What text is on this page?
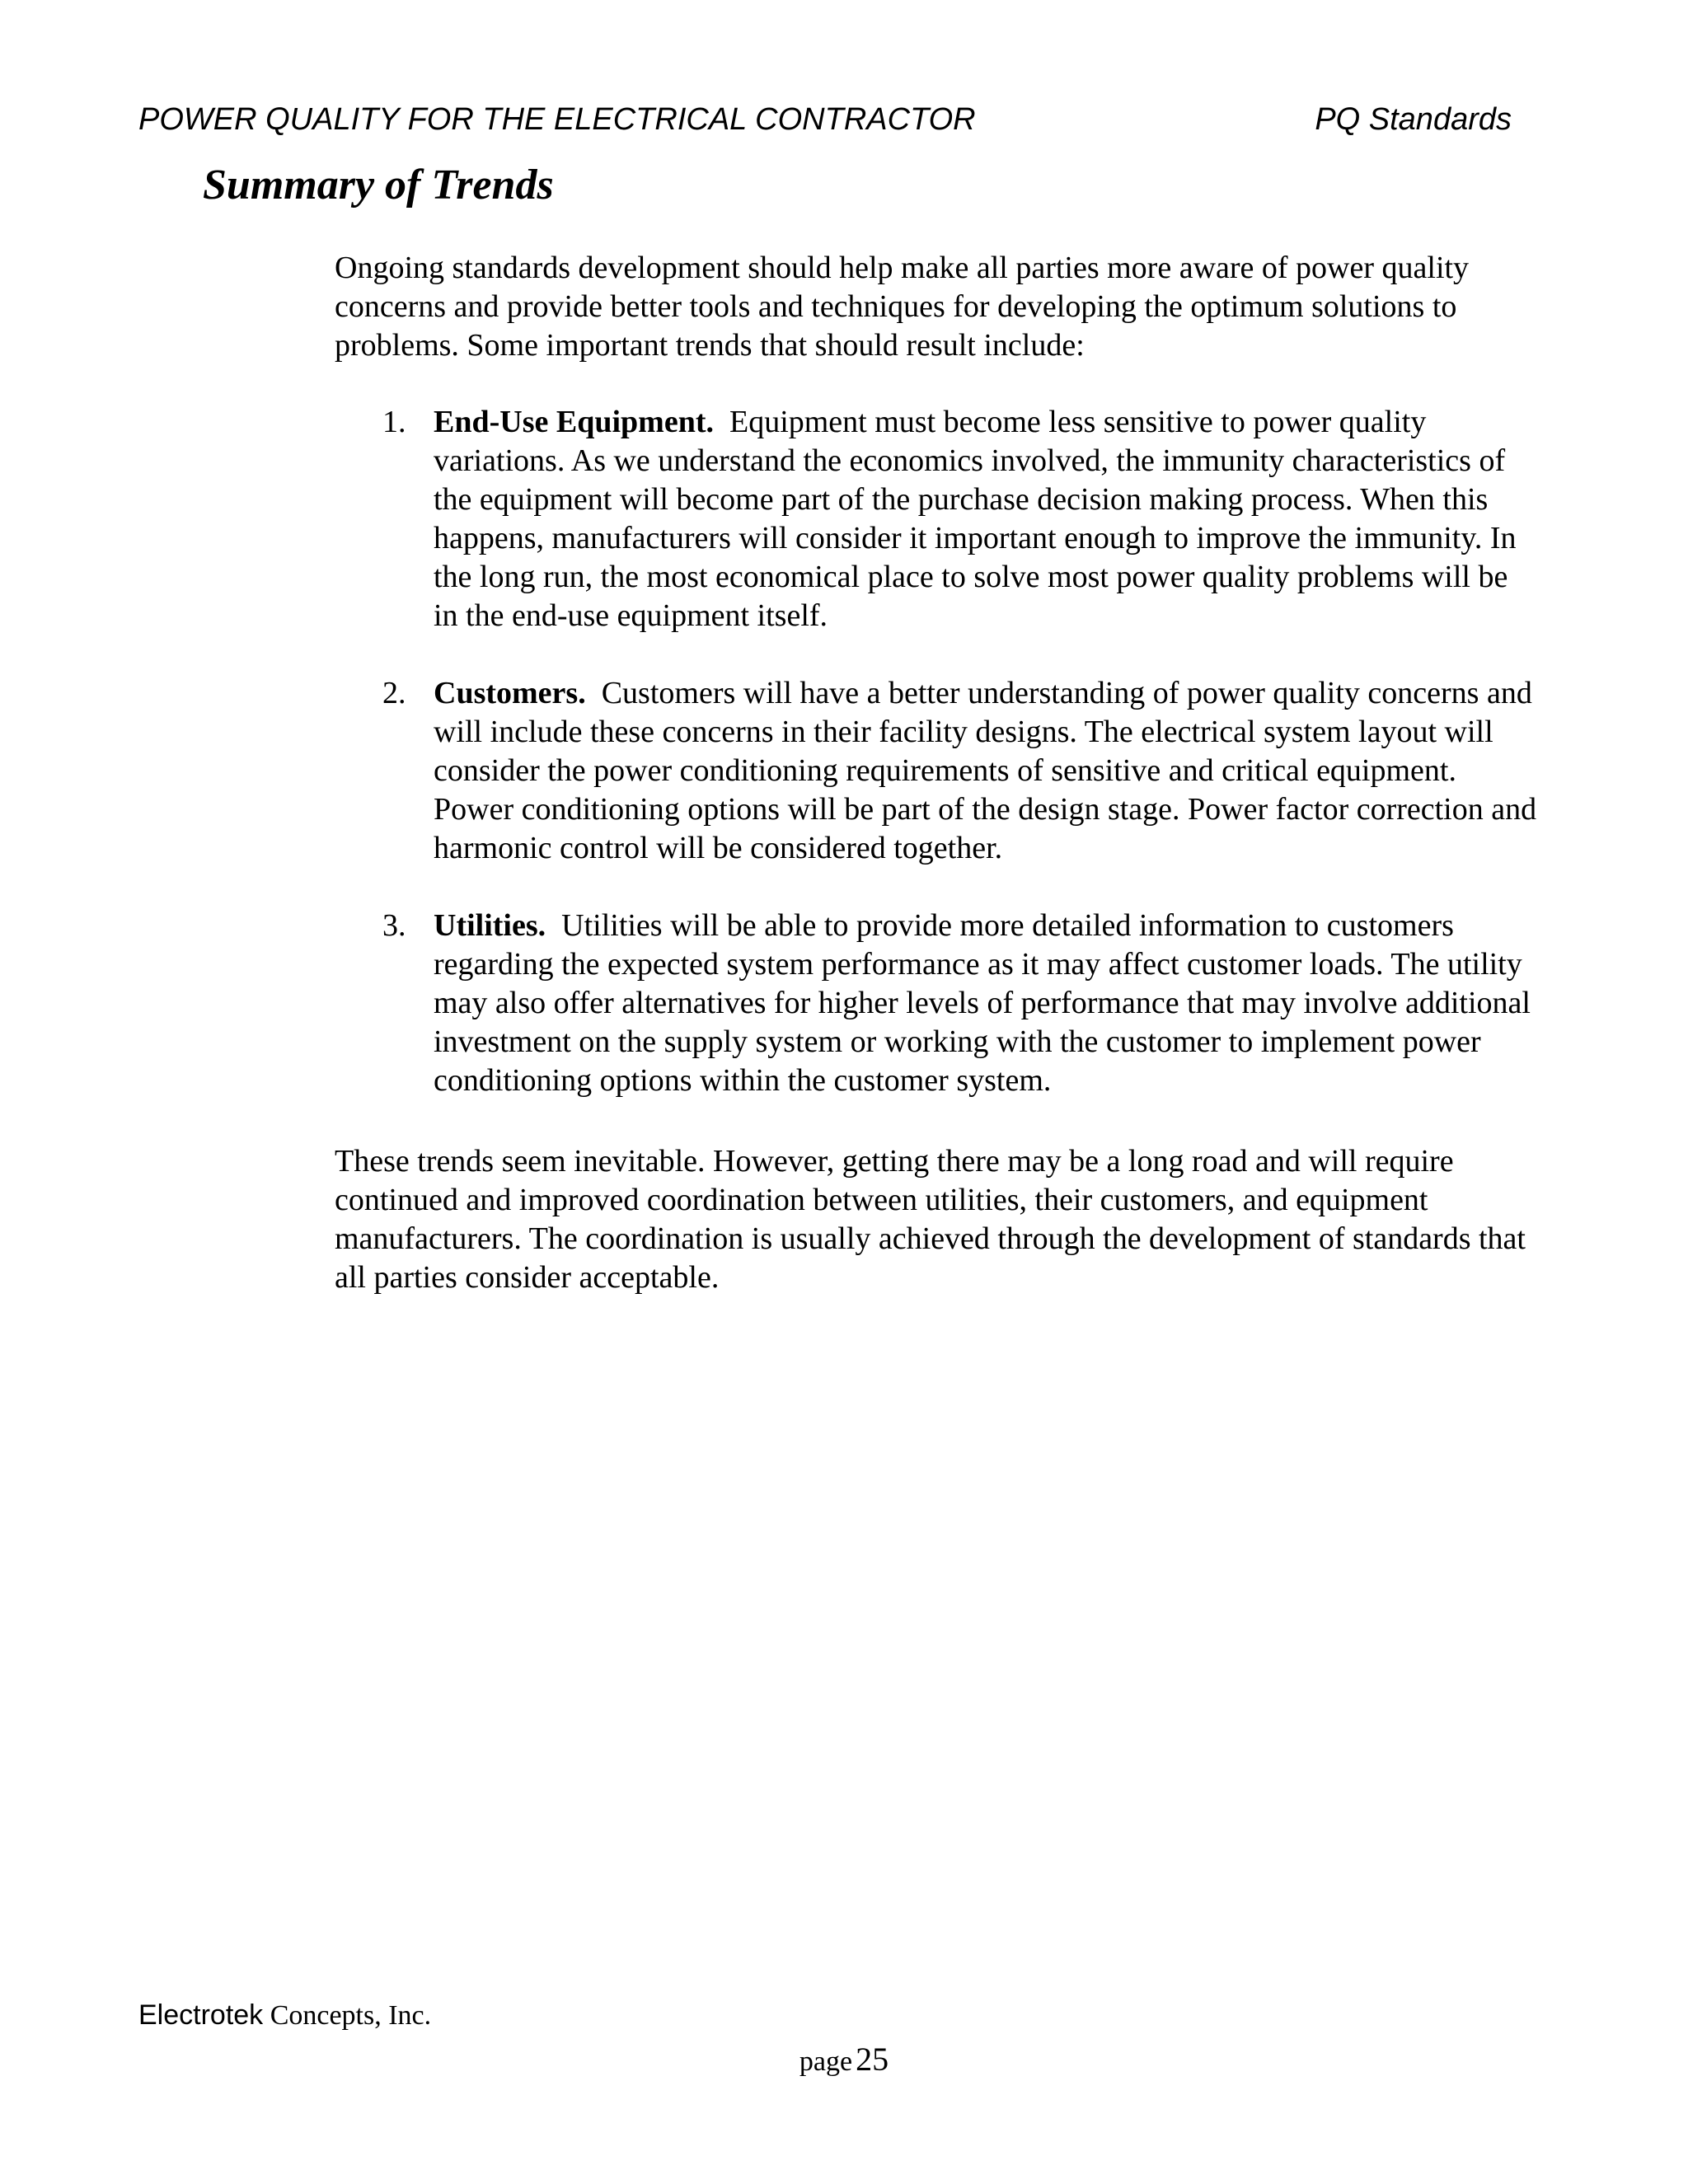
POWER QUALITY FOR THE ELECTRICAL CONTRACTOR	PQ Standards
Summary of Trends

Ongoing standards development should help make all parties more aware of power quality concerns and provide better tools and techniques for developing the optimum solutions to problems. Some important trends that should result include:

1. End-Use Equipment. Equipment must become less sensitive to power quality variations. As we understand the economics involved, the immunity characteristics of the equipment will become part of the purchase decision making process. When this happens, manufacturers will consider it important enough to improve the immunity. In the long run, the most economical place to solve most power quality problems will be in the end-use equipment itself.
2. Customers. Customers will have a better understanding of power quality concerns and will include these concerns in their facility designs. The electrical system layout will consider the power conditioning requirements of sensitive and critical equipment. Power conditioning options will be part of the design stage. Power factor correction and harmonic control will be considered together.
3. Utilities. Utilities will be able to provide more detailed information to customers regarding the expected system performance as it may affect customer loads. The utility may also offer alternatives for higher levels of performance that may involve additional investment on the supply system or working with the customer to implement power conditioning options within the customer system.

These trends seem inevitable. However, getting there may be a long road and will require continued and improved coordination between utilities, their customers, and equipment manufacturers. The coordination is usually achieved through the development of standards that all parties consider acceptable.

Electrotek Concepts, Inc.
page 25
